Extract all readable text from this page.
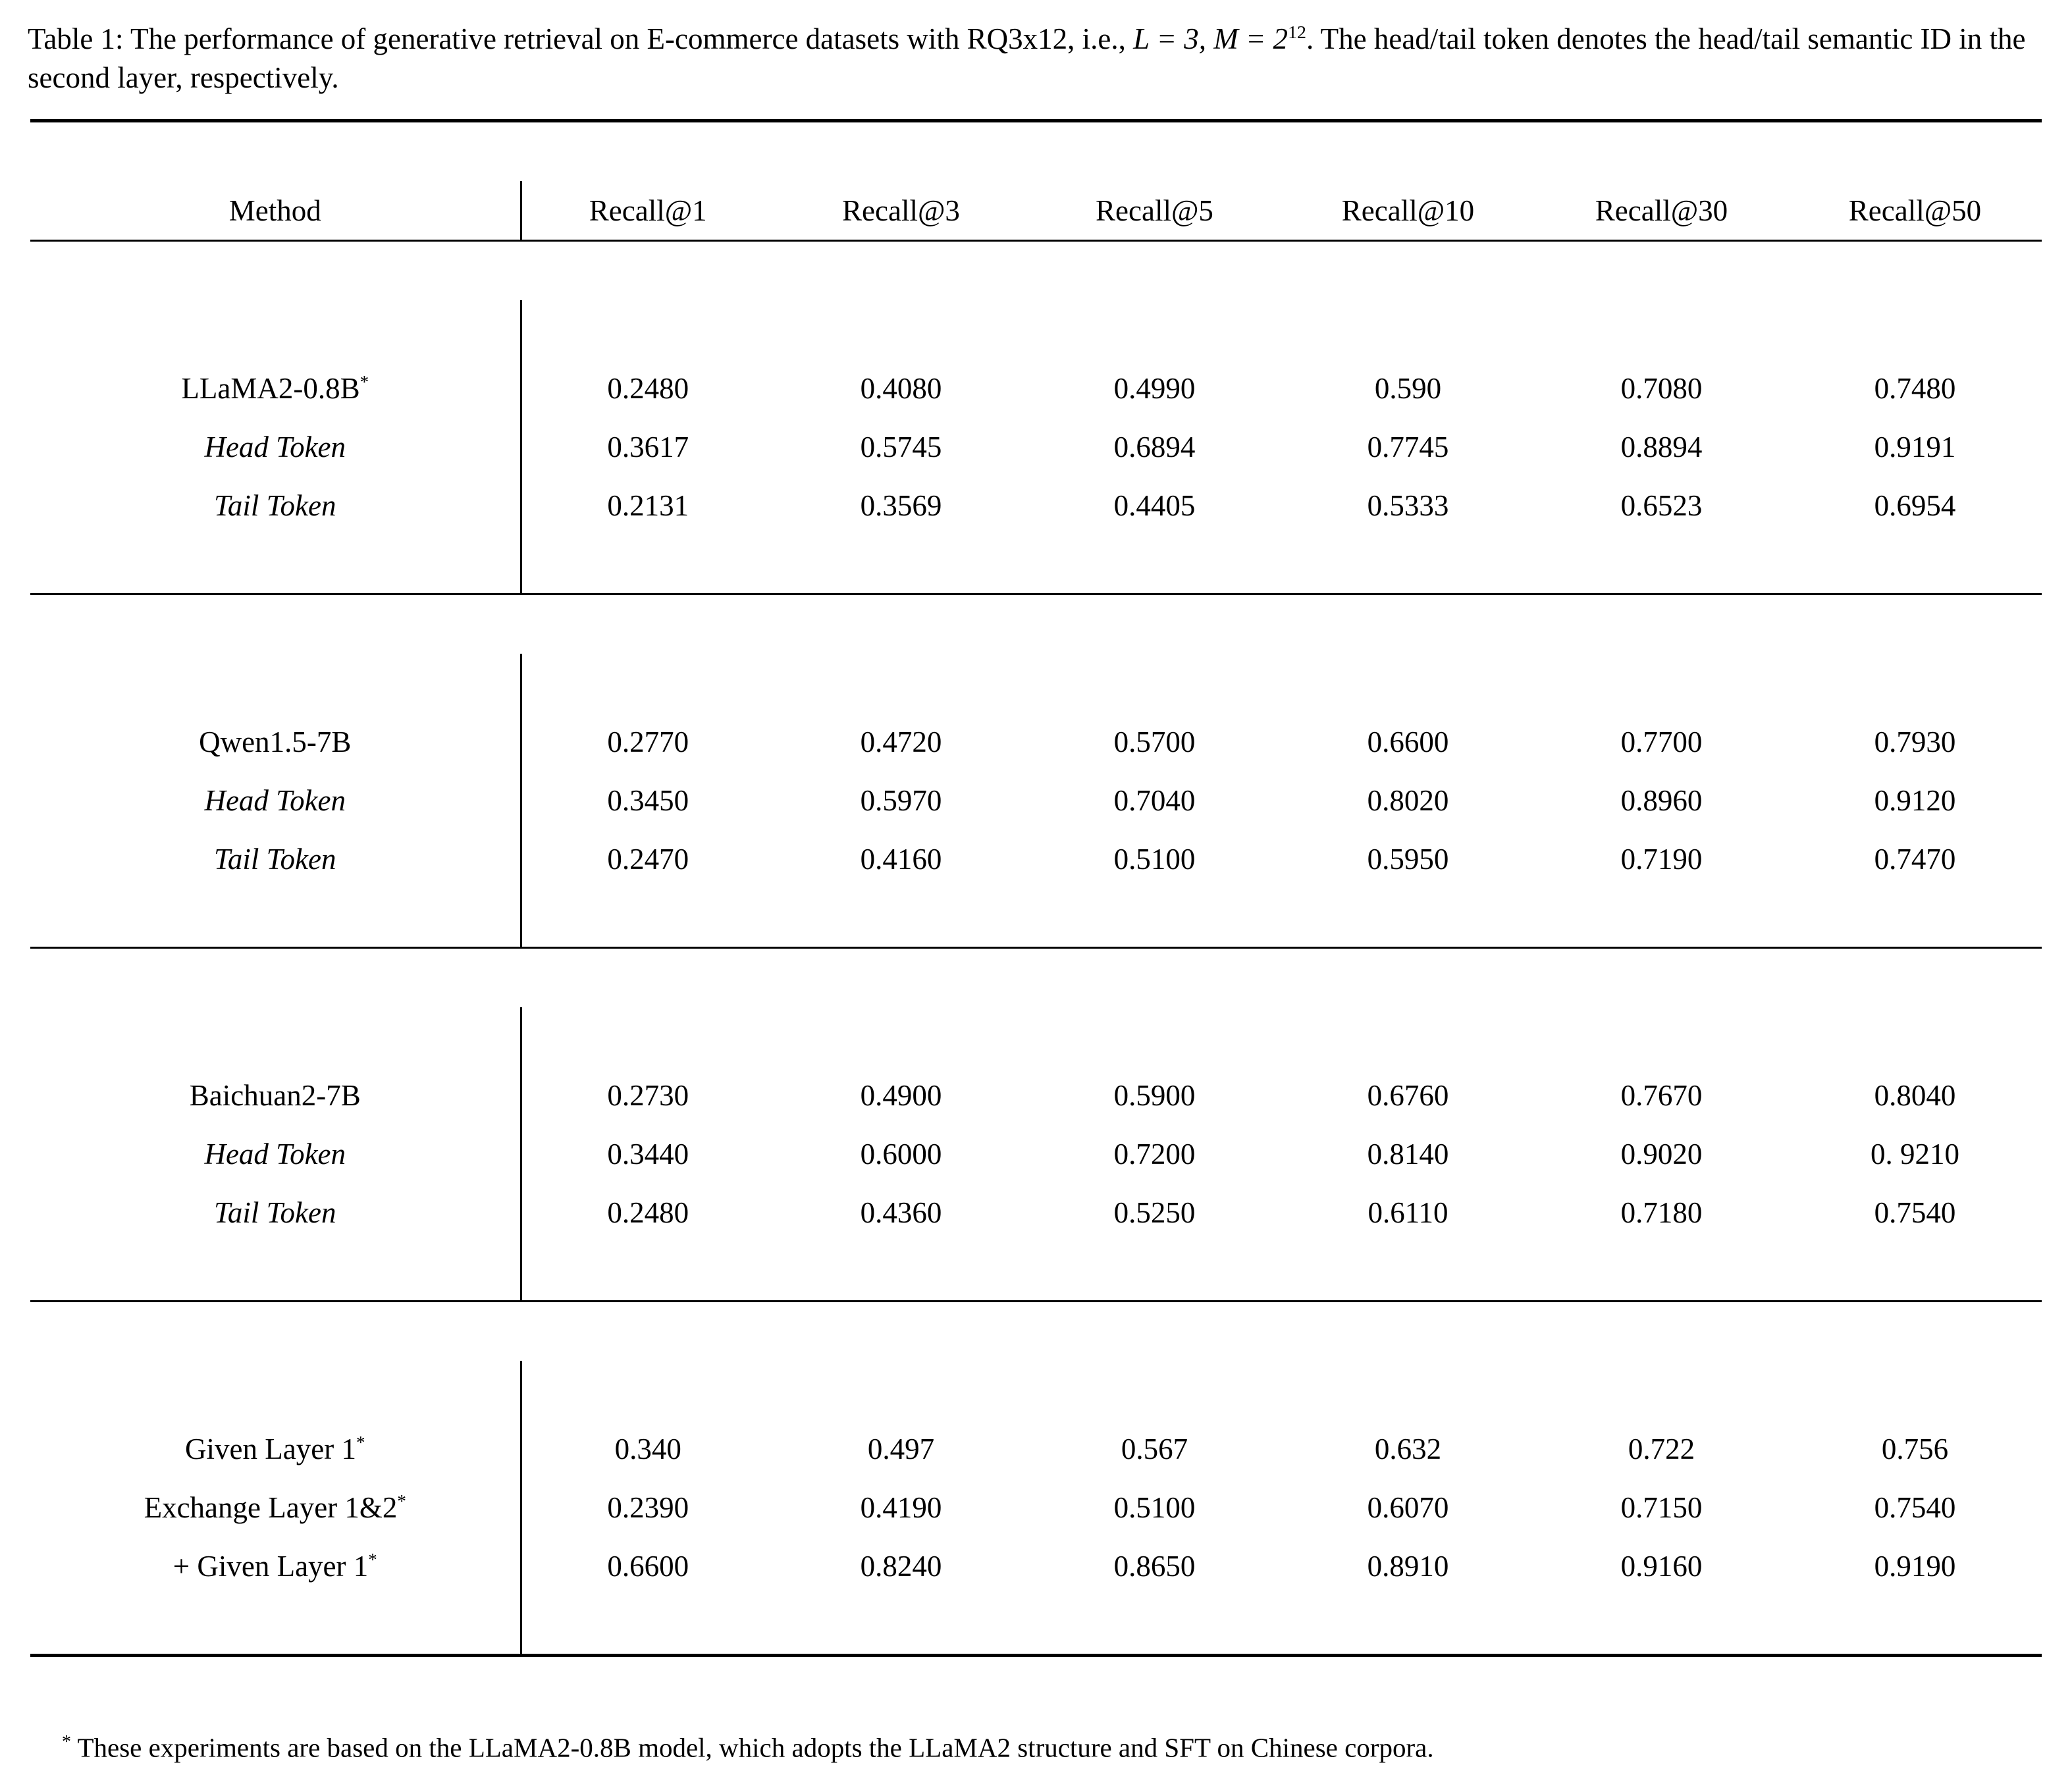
Table 1: The performance of generative retrieval on E-commerce datasets with RQ3x12, i.e., L = 3, $M = 2^{12}$. The head/tail token denotes the head/tail semantic ID in the second layer, respectively.

Method	Recall@1	Recall@3	Recall@5	Recall@10	Recall@30	Recall@50

LLaMA2-0.8B*	0.2480	0.4080	0.4990	0.590	0.7080	0.7480
Head Token	0.3617	0.5745	0.6894	0.7745	0.8894	0.9191
Tail Token	0.2131	0.3569	0.4405	0.5333	0.6523	0.6954

Qwen1.5-7B	0.2770	0.4720	0.5700	0.6600	0.7700	0.7930
Head Token	0.3450	0.5970	0.7040	0.8020	0.8960	0.9120
Tail Token	0.2470	0.4160	0.5100	0.5950	0.7190	0.7470

Baichuan2-7B	0.2730	0.4900	0.5900	0.6760	0.7670	0.8040
Head Token	0.3440	0.6000	0.7200	0.8140	0.9020	0. 9210
Tail Token	0.2480	0.4360	0.5250	0.6110	0.7180	0.7540

Given Layer 1*	0.340	0.497	0.567	0.632	0.722	0.756
Exchange Layer 1&2*	0.2390	0.4190	0.5100	0.6070	0.7150	0.7540
+ Given Layer 1*	0.6600	0.8240	0.8650	0.8910	0.9160	0.9190

* These experiments are based on the LLaMA2-0.8B model, which adopts the LLaMA2 structure and SFT on Chinese corpora.
